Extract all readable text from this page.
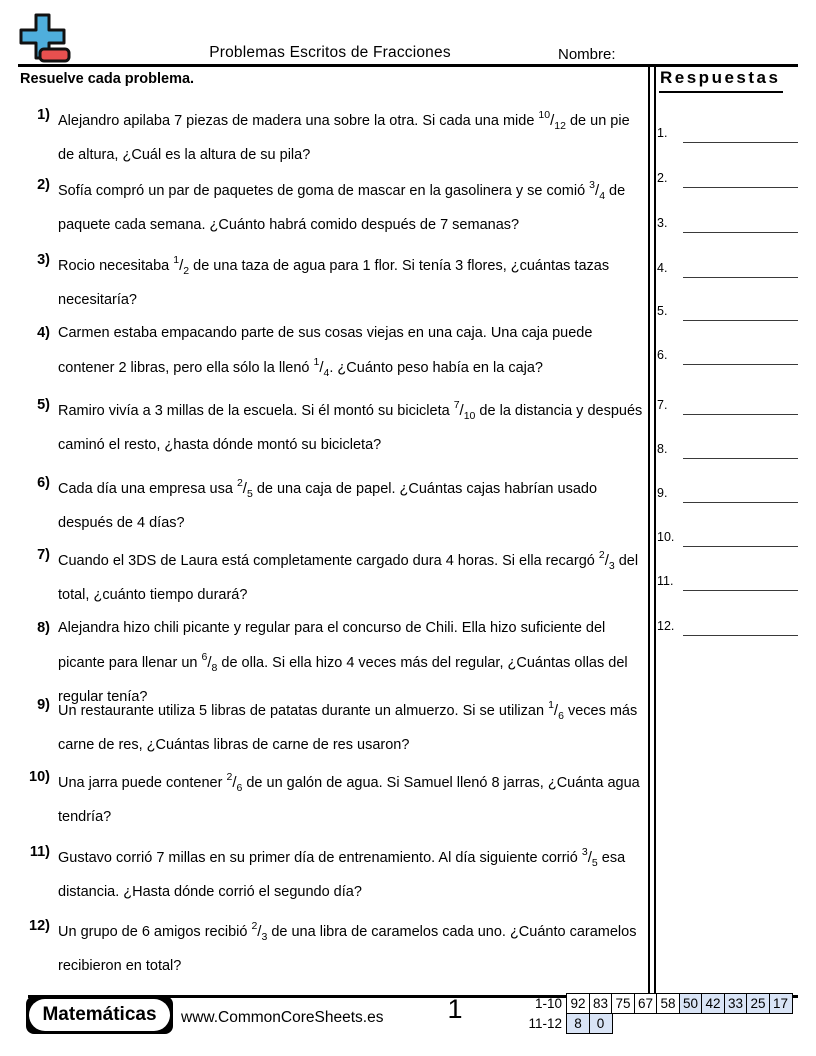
Problemas Escritos de Fracciones	Nombre:
Resuelve cada problema.
1) Alejandro apilaba 7 piezas de madera una sobre la otra. Si cada una mide $^{10}/_{12}$ de un pie de altura, ¿Cuál es la altura de su pila?
2) Sofía compró un par de paquetes de goma de mascar en la gasolinera y se comió $^3/_4$ de paquete cada semana. ¿Cuánto habrá comido después de 7 semanas?
3) Rocio necesitaba $^1/_2$ de una taza de agua para 1 flor. Si tenía 3 flores, ¿cuántas tazas necesitaría?
4) Carmen estaba empacando parte de sus cosas viejas en una caja. Una caja puede contener 2 libras, pero ella sólo la llenó $^1/_4$. ¿Cuánto peso había en la caja?
5) Ramiro vivía a 3 millas de la escuela. Si él montó su bicicleta $^7/_{10}$ de la distancia y después caminó el resto, ¿hasta dónde montó su bicicleta?
6) Cada día una empresa usa $^2/_5$ de una caja de papel. ¿Cuántas cajas habrían usado después de 4 días?
7) Cuando el 3DS de Laura está completamente cargado dura 4 horas. Si ella recargó $^2/_3$ del total, ¿cuánto tiempo durará?
8) Alejandra hizo chili picante y regular para el concurso de Chili. Ella hizo suficiente del picante para llenar un $^6/_8$ de olla. Si ella hizo 4 veces más del regular, ¿Cuántas ollas del regular tenía?
9) Un restaurante utiliza 5 libras de patatas durante un almuerzo. Si se utilizan $^1/_6$ veces más carne de res, ¿Cuántas libras de carne de res usaron?
10) Una jarra puede contener $^2/_6$ de un galón de agua. Si Samuel llenó 8 jarras, ¿Cuánta agua tendría?
11) Gustavo corrió 7 millas en su primer día de entrenamiento. Al día siguiente corrió $^3/_5$ esa distancia. ¿Hasta dónde corrió el segundo día?
12) Un grupo de 6 amigos recibió $^2/_3$ de una libra de caramelos cada uno. ¿Cuánto caramelos recibieron en total?
Respuestas
1.
2.
3.
4.
5.
6.
7.
8.
9.
10.
11.
12.
Matemáticas	www.CommonCoreSheets.es	1	1-10 92 83 75 67 58 50 42 33 25 17
11-12 8	0
